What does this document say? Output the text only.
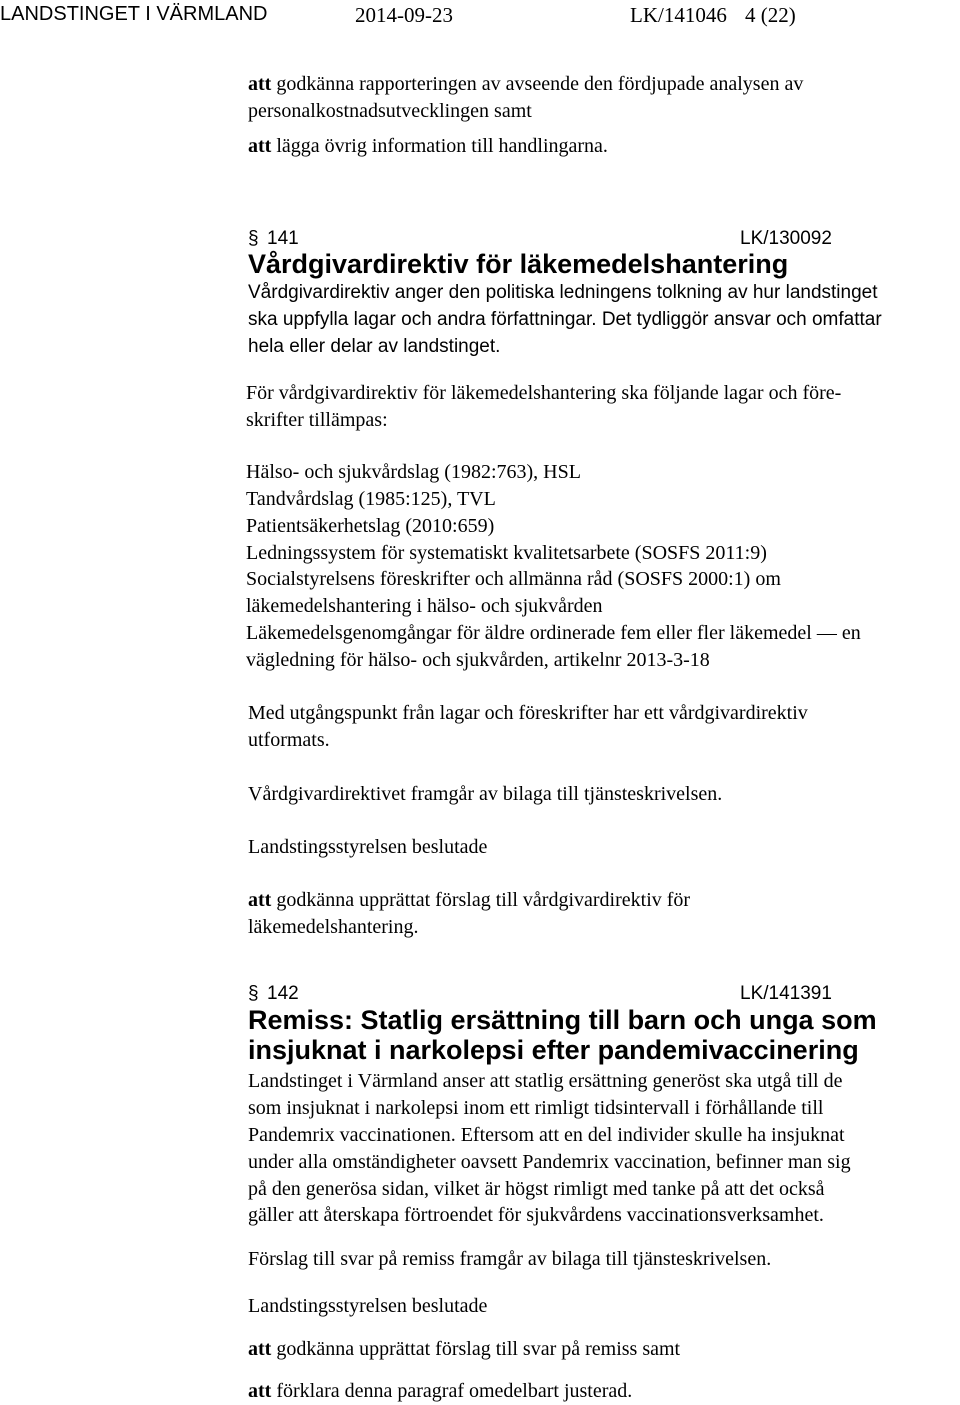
LANDSTINGET I VÄRMLAND	2014-09-23	LK/141046 4 (22)

att godkänna rapporteringen av avseende den fördjupade analysen av

personalkostnadsutvecklingen samt

att lägga övrig information till handlingarna.

§ 141	LK/130092
Vårdgivardirektiv för läkemedelshantering

Vårdgivardirektiv anger den politiska ledningens tolkning av hur landstinget

ska uppfylla lagar och andra författningar. Det tydliggör ansvar och omfattar

hela eller delar av landstinget.

För vårdgivardirektiv för läkemedelshantering ska följande lagar och före-

skrifter tillämpas:

Hälso- och sjukvårdslag (1982:763), HSL

Tandvårdslag (1985:125), TVL

Patientsäkerhetslag (2010:659)

Ledningssystem för systematiskt kvalitetsarbete (SOSFS 2011:9)

Socialstyrelsens föreskrifter och allmänna råd (SOSFS 2000:1) om

läkemedelshantering i hälso- och sjukvården

Läkemedelsgenomgångar för äldre ordinerade fem eller fler läkemedel — en

vägledning för hälso- och sjukvården, artikelnr 2013-3-18

Med utgångspunkt från lagar och föreskrifter har ett vårdgivardirektiv

utformats.

Vårdgivardirektivet framgår av bilaga till tjänsteskrivelsen.

Landstingsstyrelsen beslutade

att godkänna upprättat förslag till vårdgivardirektiv för

läkemedelshantering.

§ 142	LK/141391
Remiss: Statlig ersättning till barn och unga som
insjuknat i narkolepsi efter pandemivaccinering

Landstinget i Värmland anser att statlig ersättning generöst ska utgå till de

som insjuknat i narkolepsi inom ett rimligt tidsintervall i förhållande till

Pandemrix vaccinationen. Eftersom att en del individer skulle ha insjuknat

under alla omständigheter oavsett Pandemrix vaccination, befinner man sig

på den generösa sidan, vilket är högst rimligt med tanke på att det också

gäller att återskapa förtroendet för sjukvårdens vaccinationsverksamhet.

Förslag till svar på remiss framgår av bilaga till tjänsteskrivelsen.

Landstingsstyrelsen beslutade

att godkänna upprättat förslag till svar på remiss samt

att förklara denna paragraf omedelbart justerad.
